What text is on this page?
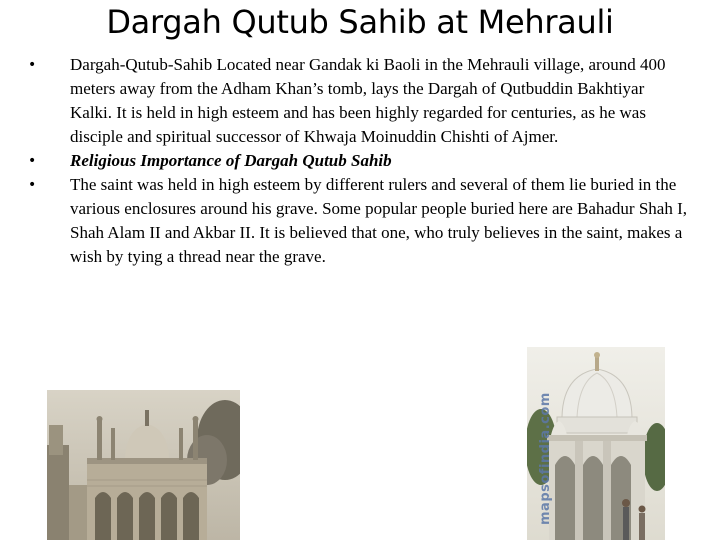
Dargah Qutub Sahib at Mehrauli
• Dargah-Qutub-Sahib Located near Gandak ki Baoli in the Mehrauli village, around 400 meters away from the Adham Khan’s tomb, lays the Dargah of Qutbuddin Bakhtiyar Kalki. It is held in high esteem and has been highly regarded for centuries, as he was disciple and spiritual successor of Khwaja Moinuddin Chishti of Ajmer.
• Religious Importance of Dargah Qutub Sahib
• The saint was held in high esteem by different rulers and several of them lie buried in the various enclosures around his grave. Some popular people buried here are Bahadur Shah I, Shah Alam II and Akbar II. It is believed that one, who truly believes in the saint, makes a wish by tying a thread near the grave.
mapsofindia.com
